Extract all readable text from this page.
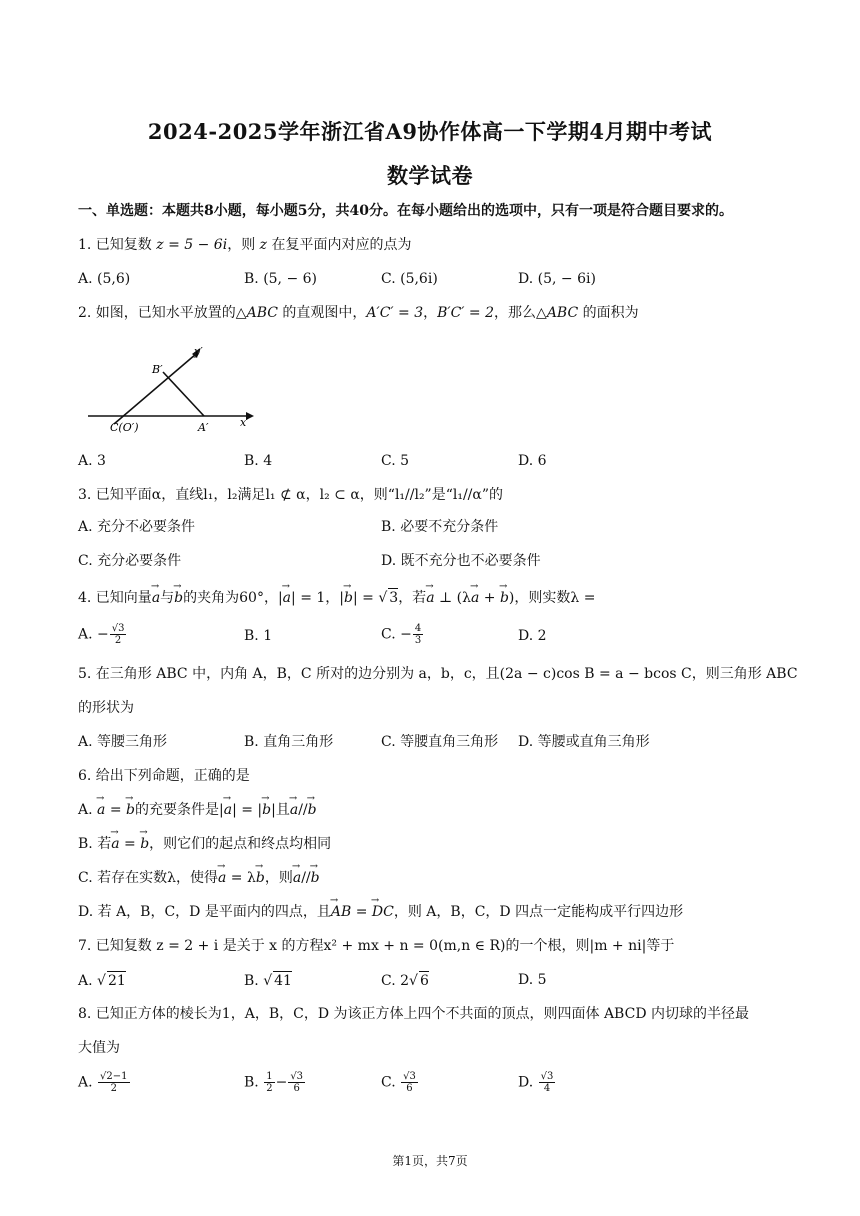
2024-2025学年浙江省A9协作体高一下学期4月期中考试
数学试卷
一、单选题：本题共8小题，每小题5分，共40分。在每小题给出的选项中，只有一项是符合题目要求的。
1. 已知复数 z = 5 − 6i，则 z 在复平面内对应的点为
A. (5,6)	B. (5, − 6)	C. (5,6i)	D. (5, − 6i)
2. 如图，已知水平放置的△ABC 的直观图中，A′C′ = 3，B′C′ = 2，那么△ABC 的面积为
B′
y′
C(O′)	A′	x′
A. 3	B. 4	C. 5	D. 6
3. 已知平面α，直线l₁，l₂满足l₁ ⊄ α，l₂ ⊂ α，则“l₁//l₂”是“l₁//α”的
A. 充分不必要条件	B. 必要不充分条件
C. 充分必要条件	D. 既不充分也不必要条件
4. 已知向量→ a与→ b的夹角为60°，|→ a| = 1，|→ b| = √ 3，若→ a ⊥ (λ→ a + → b)，则实数λ =
A. − $\frac{√3}{2}$	B. 1	C. − $\frac{4}{3}$	D. 2
5. 在三角形 ABC 中，内角 A，B，C 所对的边分别为 a，b，c，且(2a − c)cos B = a − bcos C，则三角形 ABC
的形状为
A. 等腰三角形	B. 直角三角形	C. 等腰直角三角形 D. 等腰或直角三角形
6. 给出下列命题，正确的是
A. → a = → b的充要条件是|→ a| = |→ b|且→ a//→ b
B. 若→ a = → b，则它们的起点和终点均相同
C. 若存在实数λ，使得→ a = λ→ b，则→ a//→ b
D. 若 A，B，C，D 是平面内的四点，且→ AB = → DC，则 A，B，C，D 四点一定能构成平行四边形
7. 已知复数 z = 2 + i 是关于 x 的方程x² + mx + n = 0(m,n ∈ R)的一个根，则|m + ni|等于
A. √ 21	B. √ 41	C. 2√ 6	D. 5
8. 已知正方体的棱长为1，A，B，C，D 为该正方体上四个不共面的顶点，则四面体 ABCD 内切球的半径最
大值为
A. $\frac{√2-1}{2}$	B. $\frac{1}{2} - \frac{√3}{6}$	C. $\frac{√3}{6}$	D. $\frac{√3}{4}$
第1页，共7页
